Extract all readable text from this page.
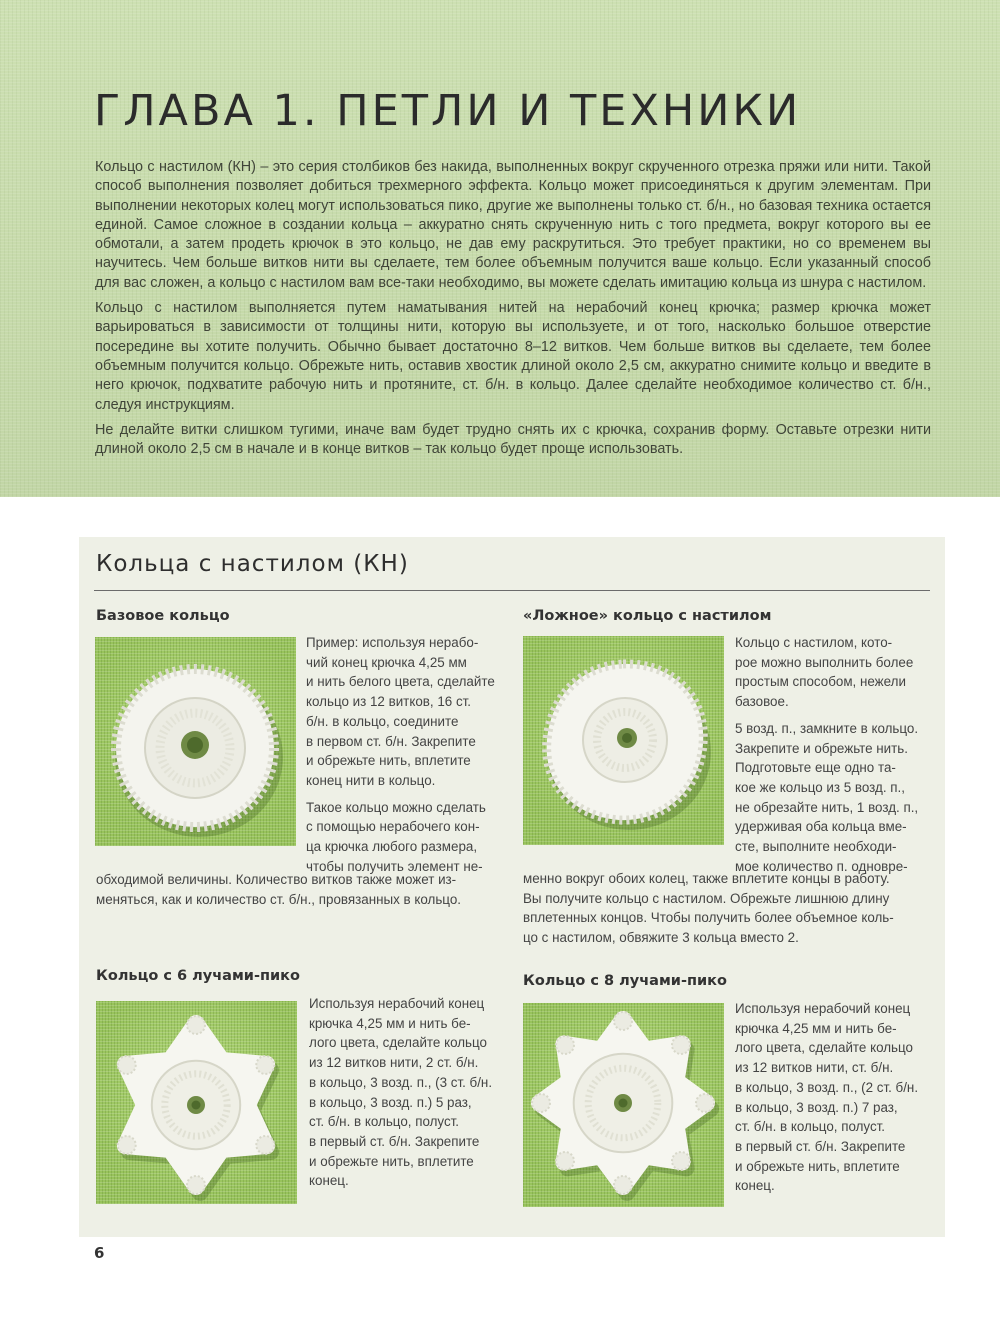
ГЛАВА 1. ПЕТЛИ И ТЕХНИКИ

Кольцо с настилом (КН) – это серия столбиков без накида, выполненных вокруг скрученного отрезка пряжи или нити. Такой способ выполнения позволяет добиться трехмерного эффекта. Кольцо может присоединяться к другим элементам. При выполнении некоторых колец могут использоваться пико, другие же выполнены только ст. б/н., но базовая техника остается единой. Самое сложное в создании кольца – аккуратно снять скрученную нить с того предмета, вокруг которого вы ее обмотали, а затем продеть крючок в это кольцо, не дав ему раскрутиться. Это требует практики, но со временем вы научитесь. Чем больше витков нити вы сделаете, тем более объемным получится ваше кольцо. Если указанный способ для вас сложен, а кольцо с настилом вам все-таки необходимо, вы можете сделать имитацию кольца из шнура с настилом.

Кольцо с настилом выполняется путем наматывания нитей на нерабочий конец крючка; размер крючка может варьироваться в зависимости от толщины нити, которую вы используете, и от того, насколько большое отверстие посередине вы хотите получить. Обычно бывает достаточно 8–12 витков. Чем больше витков вы сделаете, тем более объемным получится кольцо. Обрежьте нить, оставив хвостик длиной около 2,5 см, аккуратно снимите кольцо и введите в него крючок, подхватите рабочую нить и протяните, ст. б/н. в кольцо. Далее сделайте необходимое количество ст. б/н., следуя инструкциям.

Не делайте витки слишком тугими, иначе вам будет трудно снять их с крючка, сохранив форму. Оставьте отрезки нити длиной около 2,5 см в начале и в конце витков – так кольцо будет проще использовать.

Кольца с настилом (КН)
Базовое кольцо
Пример: используя нерабо-
чий конец крючка 4,25 мм
и нить белого цвета, сделайте
кольцо из 12 витков, 16 ст.
б/н. в кольцо, соедините
в первом ст. б/н. Закрепите
и обрежьте нить, вплетите
конец нити в кольцо.
Такое кольцо можно сделать
с помощью нерабочего кон-
ца крючка любого размера,
чтобы получить элемент не-
обходимой величины. Количество витков также может из-
меняться, как и количество ст. б/н., провязанных в кольцо.
«Ложное» кольцо с настилом
Кольцо с настилом, кото-
рое можно выполнить более
простым способом, нежели
базовое.
5 возд. п., замкните в кольцо.
Закрепите и обрежьте нить.
Подготовьте еще одно та-
кое же кольцо из 5 возд. п.,
не обрезайте нить, 1 возд. п.,
удерживая оба кольца вме-
сте, выполните необходи-
мое количество п. одновре-
менно вокруг обоих колец, также вплетите концы в работу.
Вы получите кольцо с настилом. Обрежьте лишнюю длину
вплетенных концов. Чтобы получить более объемное коль-
цо с настилом, обвяжите 3 кольца вместо 2.
Кольцо с 6 лучами-пико
Используя нерабочий конец
крючка 4,25 мм и нить бе-
лого цвета, сделайте кольцо
из 12 витков нити, 2 ст. б/н.
в кольцо, 3 возд. п., (3 ст. б/н.
в кольцо, 3 возд. п.) 5 раз,
ст. б/н. в кольцо, полуст.
в первый ст. б/н. Закрепите
и обрежьте нить, вплетите
конец.
Кольцо с 8 лучами-пико
Используя нерабочий конец
крючка 4,25 мм и нить бе-
лого цвета, сделайте кольцо
из 12 витков нити, ст. б/н.
в кольцо, 3 возд. п., (2 ст. б/н.
в кольцо, 3 возд. п.) 7 раз,
ст. б/н. в кольцо, полуст.
в первый ст. б/н. Закрепите
и обрежьте нить, вплетите
конец.
6
